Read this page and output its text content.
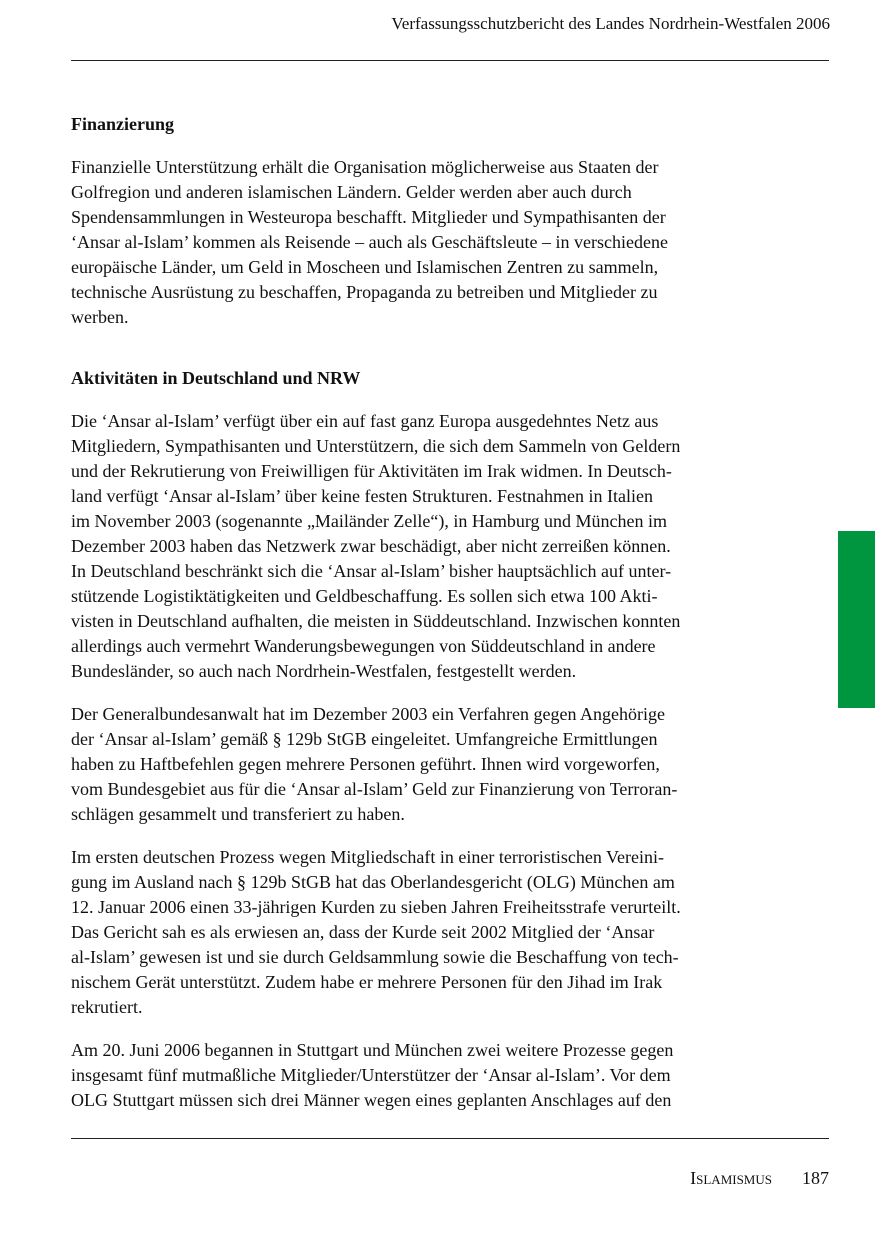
Verfassungsschutzbericht des Landes Nordrhein-Westfalen 2006
Finanzierung

Finanzielle Unterstützung erhält die Organisation möglicherweise aus Staaten der

Golfregion und anderen islamischen Ländern. Gelder werden aber auch durch

Spendensammlungen in Westeuropa beschafft. Mitglieder und Sympathisanten der

‘Ansar al-Islam’ kommen als Reisende – auch als Geschäftsleute – in verschiedene

europäische Länder, um Geld in Moscheen und Islamischen Zentren zu sammeln,

technische Ausrüstung zu beschaffen, Propaganda zu betreiben und Mitglieder zu

werben.

Aktivitäten in Deutschland und NRW

Die ‘Ansar al-Islam’ verfügt über ein auf fast ganz Europa ausgedehntes Netz aus

Mitgliedern, Sympathisanten und Unterstützern, die sich dem Sammeln von Geldern

und der Rekrutierung von Freiwilligen für Aktivitäten im Irak widmen. In Deutsch-

land verfügt ‘Ansar al-Islam’ über keine festen Strukturen. Festnahmen in Italien

im November 2003 (sogenannte „Mailänder Zelle“), in Hamburg und München im

Dezember 2003 haben das Netzwerk zwar beschädigt, aber nicht zerreißen können.

In Deutschland beschränkt sich die ‘Ansar al-Islam’ bisher hauptsächlich auf unter-

stützende Logistiktätigkeiten und Geldbeschaffung. Es sollen sich etwa 100 Akti-

visten in Deutschland aufhalten, die meisten in Süddeutschland. Inzwischen konnten

allerdings auch vermehrt Wanderungsbewegungen von Süddeutschland in andere

Bundesländer, so auch nach Nordrhein-Westfalen, festgestellt werden.

Der Generalbundesanwalt hat im Dezember 2003 ein Verfahren gegen Angehörige

der ‘Ansar al-Islam’ gemäß § 129b StGB eingeleitet. Umfangreiche Ermittlungen

haben zu Haftbefehlen gegen mehrere Personen geführt. Ihnen wird vorgeworfen,

vom Bundesgebiet aus für die ‘Ansar al-Islam’ Geld zur Finanzierung von Terroran-

schlägen gesammelt und transferiert zu haben.

Im ersten deutschen Prozess wegen Mitgliedschaft in einer terroristischen Vereini-

gung im Ausland nach § 129b StGB hat das Oberlandesgericht (OLG) München am

12. Januar 2006 einen 33-jährigen Kurden zu sieben Jahren Freiheitsstrafe verurteilt.

Das Gericht sah es als erwiesen an, dass der Kurde seit 2002 Mitglied der ‘Ansar

al-Islam’ gewesen ist und sie durch Geldsammlung sowie die Beschaffung von tech-

nischem Gerät unterstützt. Zudem habe er mehrere Personen für den Jihad im Irak

rekrutiert.

Am 20. Juni 2006 begannen in Stuttgart und München zwei weitere Prozesse gegen

insgesamt fünf mutmaßliche Mitglieder/Unterstützer der ‘Ansar al-Islam’. Vor dem

OLG Stuttgart müssen sich drei Männer wegen eines geplanten Anschlages auf den

Islamismus 187
